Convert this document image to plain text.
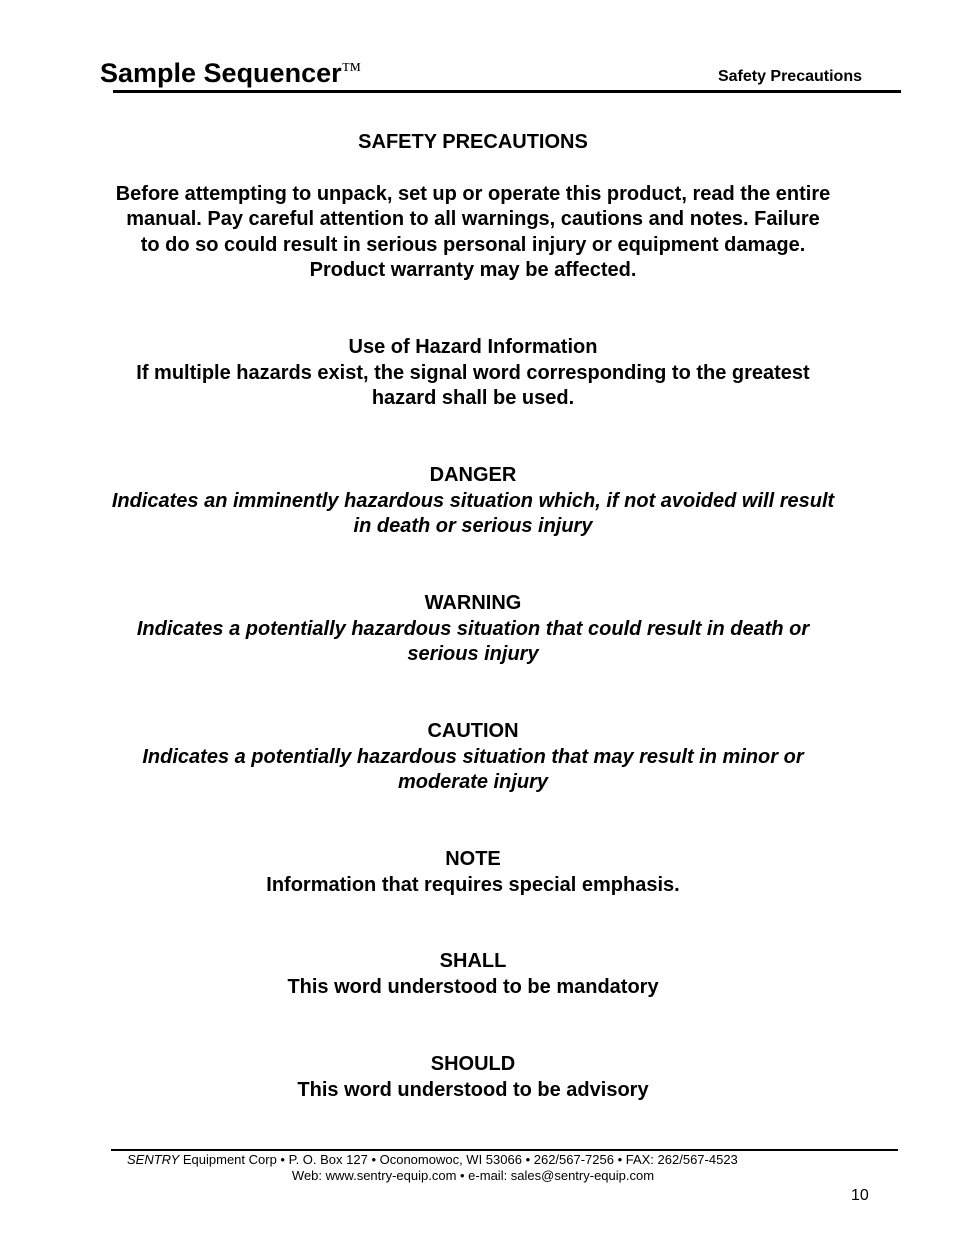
Sample Sequencer™	Safety Precautions
SAFETY PRECAUTIONS
Before attempting to unpack, set up or operate this product, read the entire
manual. Pay careful attention to all warnings, cautions and notes. Failure
to do so could result in serious personal injury or equipment damage.
Product warranty may be affected.
Use of Hazard Information
If multiple hazards exist, the signal word corresponding to the greatest
hazard shall be used.
DANGER
Indicates an imminently hazardous situation which, if not avoided will result
in death or serious injury
WARNING
Indicates a potentially hazardous situation that could result in death or
serious injury
CAUTION
Indicates a potentially hazardous situation that may result in minor or
moderate injury
NOTE
Information that requires special emphasis.
SHALL
This word understood to be mandatory
SHOULD
This word understood to be advisory
SENTRY Equipment Corp • P. O. Box 127 • Oconomowoc, WI 53066 • 262/567-7256 • FAX: 262/567-4523
Web: www.sentry-equip.com • e-mail: sales@sentry-equip.com
10
